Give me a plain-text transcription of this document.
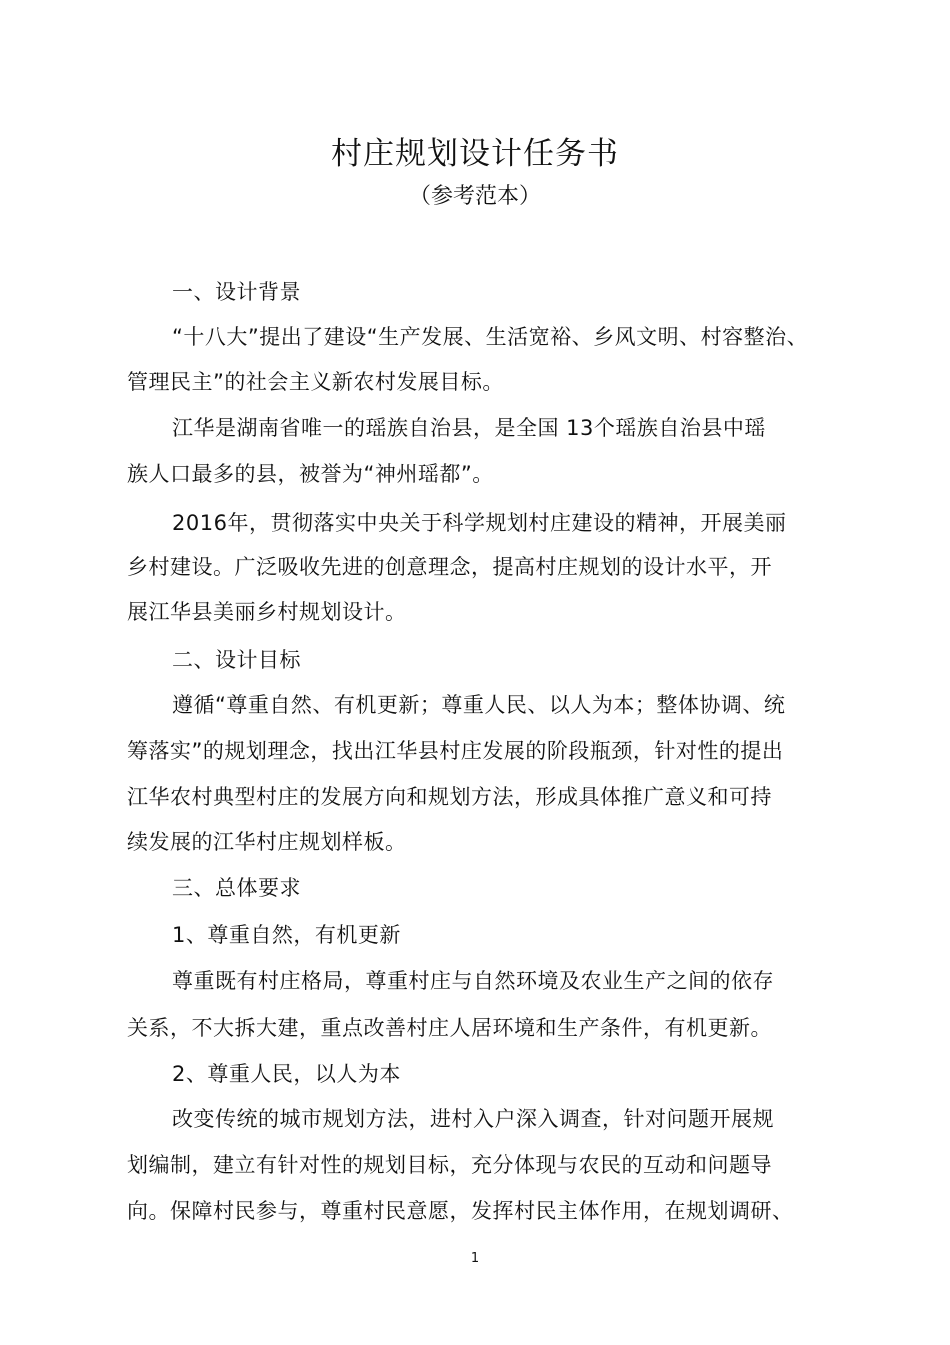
村庄规划设计任务书
（参考范本）
一、设计背景
“十八大”提出了建设“生产发展、生活宽裕、乡风文明、村容整治、
管理民主”的社会主义新农村发展目标。
江华是湖南省唯一的瑶族自治县，是全国 13个瑶族自治县中瑶
族人口最多的县，被誉为“神州瑶都”。
2016年，贯彻落实中央关于科学规划村庄建设的精神，开展美丽
乡村建设。广泛吸收先进的创意理念，提高村庄规划的设计水平，开
展江华县美丽乡村规划设计。
二、设计目标
遵循“尊重自然、有机更新；尊重人民、以人为本；整体协调、统
筹落实”的规划理念，找出江华县村庄发展的阶段瓶颈，针对性的提出
江华农村典型村庄的发展方向和规划方法，形成具体推广意义和可持
续发展的江华村庄规划样板。
三、总体要求
1、尊重自然，有机更新
尊重既有村庄格局，尊重村庄与自然环境及农业生产之间的依存
关系，不大拆大建，重点改善村庄人居环境和生产条件，有机更新。
2、尊重人民，以人为本
改变传统的城市规划方法，进村入户深入调查，针对问题开展规
划编制，建立有针对性的规划目标，充分体现与农民的互动和问题导
向。保障村民参与，尊重村民意愿，发挥村民主体作用，在规划调研、
1
